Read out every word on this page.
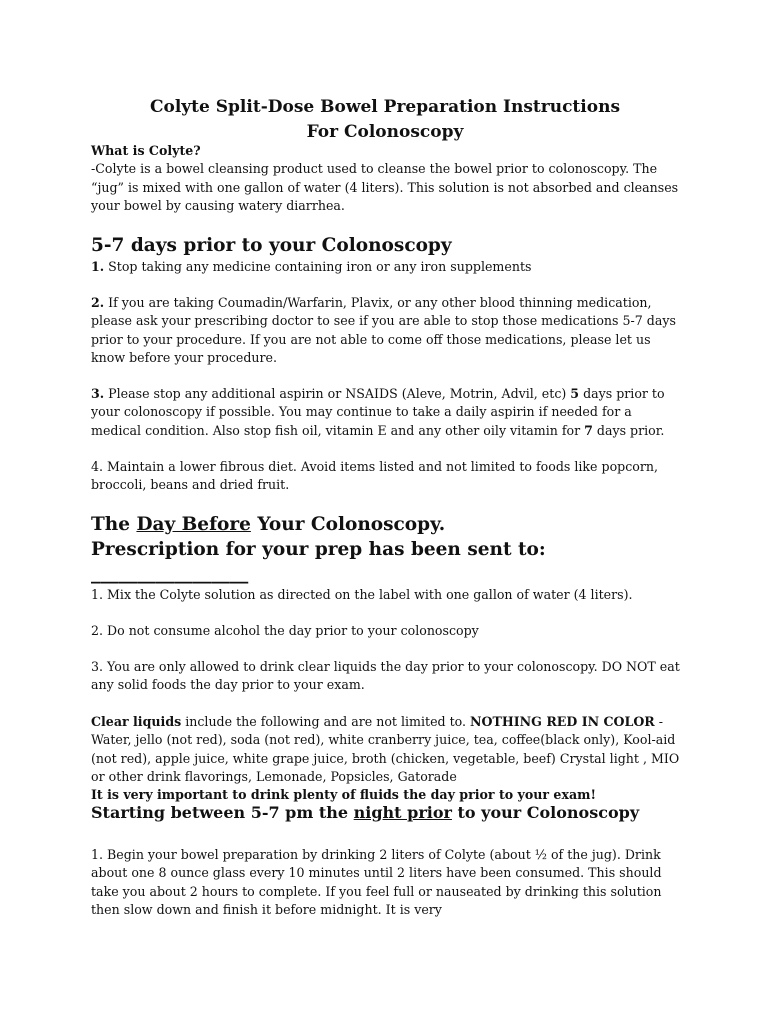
Colyte Split-Dose Bowel Preparation Instructions
For Colonoscopy

What is Colyte?

-Colyte is a bowel cleansing product used to cleanse the bowel prior to colonoscopy. The “jug” is mixed with one gallon of water (4 liters). This solution is not absorbed and cleanses your bowel by causing watery diarrhea.

5-7 days prior to your Colonoscopy
1. Stop taking any medicine containing iron or any iron supplements
2. If you are taking Coumadin/Warfarin, Plavix, or any other blood thinning medication, please ask your prescribing doctor to see if you are able to stop those medications 5-7 days prior to your procedure. If you are not able to come off those medications, please let us know before your procedure.
3. Please stop any additional aspirin or NSAIDS (Aleve, Motrin, Advil, etc) 5 days prior to your colonoscopy if possible. You may continue to take a daily aspirin if needed for a medical condition. Also stop fish oil, vitamin E and any other oily vitamin for 7 days prior.
4. Maintain a lower fibrous diet. Avoid items listed and not limited to foods like popcorn, broccoli, beans and dried fruit.
The Day Before Your Colonoscopy.
Prescription for your prep has been sent to: _________________
1. Mix the Colyte solution as directed on the label with one gallon of water (4 liters).
2. Do not consume alcohol the day prior to your colonoscopy
3. You are only allowed to drink clear liquids the day prior to your colonoscopy. DO NOT eat any solid foods the day prior to your exam.
Clear liquids include the following and are not limited to. NOTHING RED IN COLOR -Water, jello (not red), soda (not red), white cranberry juice, tea, coffee(black only), Kool-aid (not red), apple juice, white grape juice, broth (chicken, vegetable, beef) Crystal light , MIO or other drink flavorings, Lemonade, Popsicles, Gatorade
It is very important to drink plenty of fluids the day prior to your exam!
Starting between 5-7 pm the night prior to your Colonoscopy
1. Begin your bowel preparation by drinking 2 liters of Colyte (about ½ of the jug). Drink about one 8 ounce glass every 10 minutes until 2 liters have been consumed. This should take you about 2 hours to complete. If you feel full or nauseated by drinking this solution then slow down and finish it before midnight. It is very
